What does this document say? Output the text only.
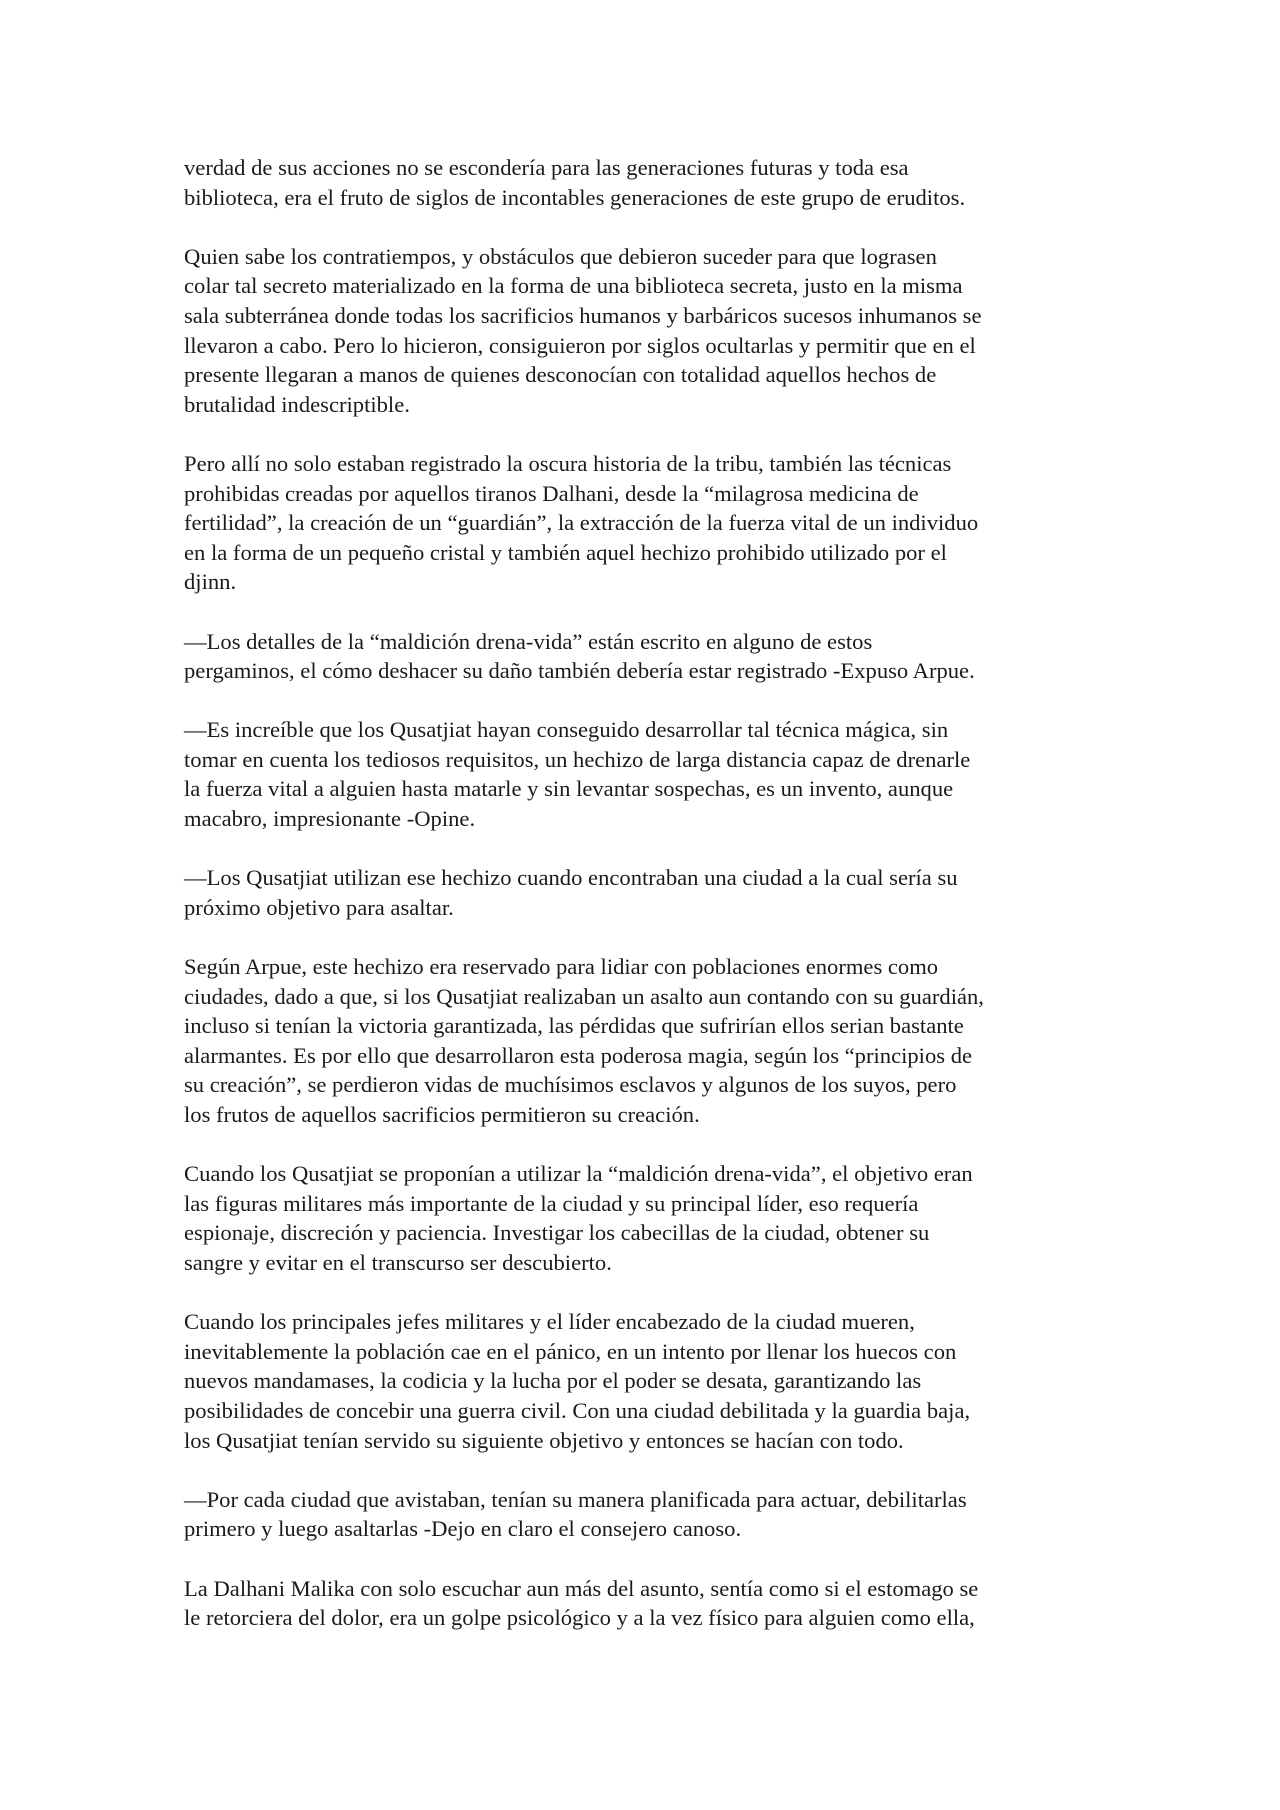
verdad de sus acciones no se escondería para las generaciones futuras y toda esa
biblioteca, era el fruto de siglos de incontables generaciones de este grupo de eruditos.

Quien sabe los contratiempos, y obstáculos que debieron suceder para que lograsen
colar tal secreto materializado en la forma de una biblioteca secreta, justo en la misma
sala subterránea donde todas los sacrificios humanos y barbáricos sucesos inhumanos se
llevaron a cabo. Pero lo hicieron, consiguieron por siglos ocultarlas y permitir que en el
presente llegaran a manos de quienes desconocían con totalidad aquellos hechos de
brutalidad indescriptible.

Pero allí no solo estaban registrado la oscura historia de la tribu, también las técnicas
prohibidas creadas por aquellos tiranos Dalhani, desde la “milagrosa medicina de
fertilidad”, la creación de un “guardián”, la extracción de la fuerza vital de un individuo
en la forma de un pequeño cristal y también aquel hechizo prohibido utilizado por el
djinn.

—Los detalles de la “maldición drena-vida” están escrito en alguno de estos
pergaminos, el cómo deshacer su daño también debería estar registrado -Expuso Arpue.

—Es increíble que los Qusatjiat hayan conseguido desarrollar tal técnica mágica, sin
tomar en cuenta los tediosos requisitos, un hechizo de larga distancia capaz de drenarle
la fuerza vital a alguien hasta matarle y sin levantar sospechas, es un invento, aunque
macabro, impresionante -Opine.

—Los Qusatjiat utilizan ese hechizo cuando encontraban una ciudad a la cual sería su
próximo objetivo para asaltar.

Según Arpue, este hechizo era reservado para lidiar con poblaciones enormes como
ciudades, dado a que, si los Qusatjiat realizaban un asalto aun contando con su guardián,
incluso si tenían la victoria garantizada, las pérdidas que sufrirían ellos serian bastante
alarmantes. Es por ello que desarrollaron esta poderosa magia, según los “principios de
su creación”, se perdieron vidas de muchísimos esclavos y algunos de los suyos, pero
los frutos de aquellos sacrificios permitieron su creación.

Cuando los Qusatjiat se proponían a utilizar la “maldición drena-vida”, el objetivo eran
las figuras militares más importante de la ciudad y su principal líder, eso requería
espionaje, discreción y paciencia. Investigar los cabecillas de la ciudad, obtener su
sangre y evitar en el transcurso ser descubierto.

Cuando los principales jefes militares y el líder encabezado de la ciudad mueren,
inevitablemente la población cae en el pánico, en un intento por llenar los huecos con
nuevos mandamases, la codicia y la lucha por el poder se desata, garantizando las
posibilidades de concebir una guerra civil. Con una ciudad debilitada y la guardia baja,
los Qusatjiat tenían servido su siguiente objetivo y entonces se hacían con todo.

—Por cada ciudad que avistaban, tenían su manera planificada para actuar, debilitarlas
primero y luego asaltarlas -Dejo en claro el consejero canoso.

La Dalhani Malika con solo escuchar aun más del asunto, sentía como si el estomago se
le retorciera del dolor, era un golpe psicológico y a la vez físico para alguien como ella,
